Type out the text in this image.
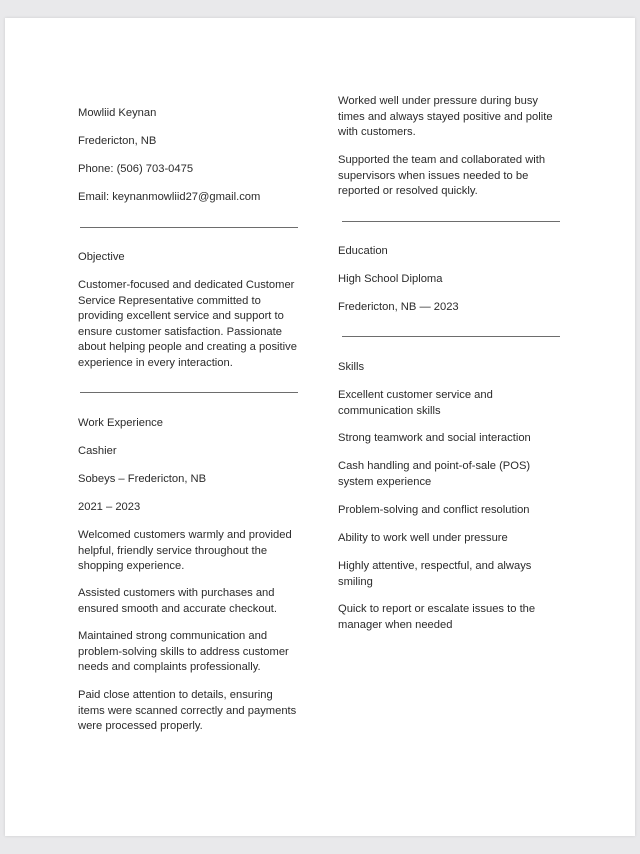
Mowliid Keynan

Fredericton, NB

Phone: (506) 703-0475

Email: keynanmowliid27@gmail.com

Objective

Customer-focused and dedicated Customer Service Representative committed to providing excellent service and support to ensure customer satisfaction. Passionate about helping people and creating a positive experience in every interaction.

Work Experience

Cashier

Sobeys – Fredericton, NB

2021 – 2023

Welcomed customers warmly and provided helpful, friendly service throughout the shopping experience.

Assisted customers with purchases and ensured smooth and accurate checkout.

Maintained strong communication and problem-solving skills to address customer needs and complaints professionally.

Paid close attention to details, ensuring items were scanned correctly and payments were processed properly.

Worked well under pressure during busy times and always stayed positive and polite with customers.

Supported the team and collaborated with supervisors when issues needed to be reported or resolved quickly.

Education

High School Diploma

Fredericton, NB — 2023

Skills

Excellent customer service and communication skills

Strong teamwork and social interaction

Cash handling and point-of-sale (POS) system experience

Problem-solving and conflict resolution

Ability to work well under pressure

Highly attentive, respectful, and always smiling

Quick to report or escalate issues to the manager when needed
